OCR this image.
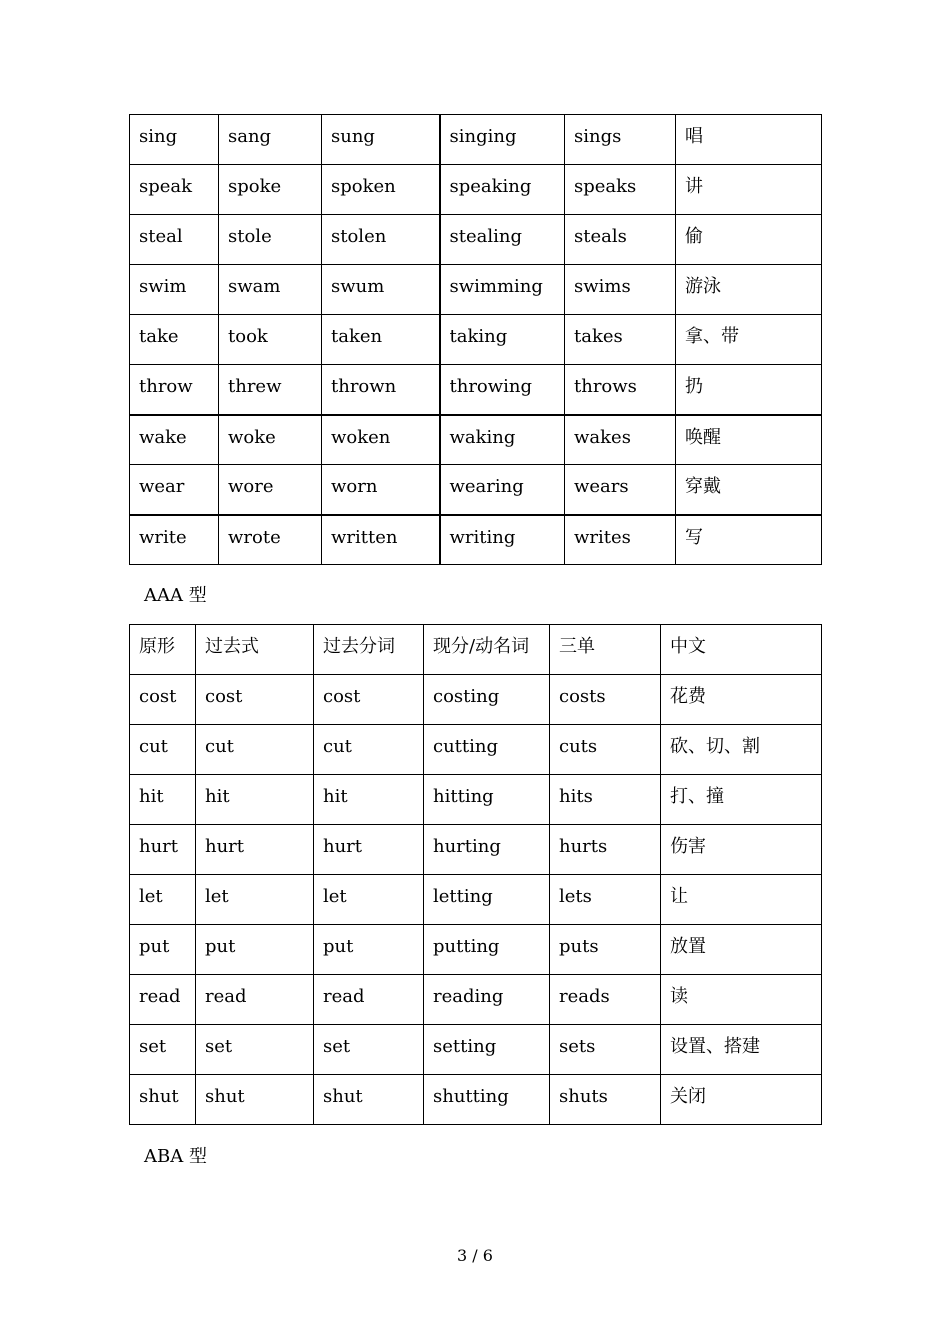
sing	sang	sung	singing	sings	唱
speak	spoke	spoken	speaking	speaks	讲
steal	stole	stolen	stealing	steals	偷
swim	swam	swum	swimming	swims	游泳
take	took	taken	taking	takes	拿、带
throw	threw	thrown	throwing	throws	扔
wake	woke	woken	waking	wakes	唤醒
wear	wore	worn	wearing	wears	穿戴
write	wrote	written	writing	writes	写
AAA 型
原形	过去式	过去分词	现分/动名词	三单	中文
cost	cost	cost	costing	costs	花费
cut	cut	cut	cutting	cuts	砍、切、割
hit	hit	hit	hitting	hits	打、撞
hurt	hurt	hurt	hurting	hurts	伤害
let	let	let	letting	lets	让
put	put	put	putting	puts	放置
read	read	read	reading	reads	读
set	set	set	setting	sets	设置、搭建
shut	shut	shut	shutting	shuts	关闭
ABA 型
3 / 6
